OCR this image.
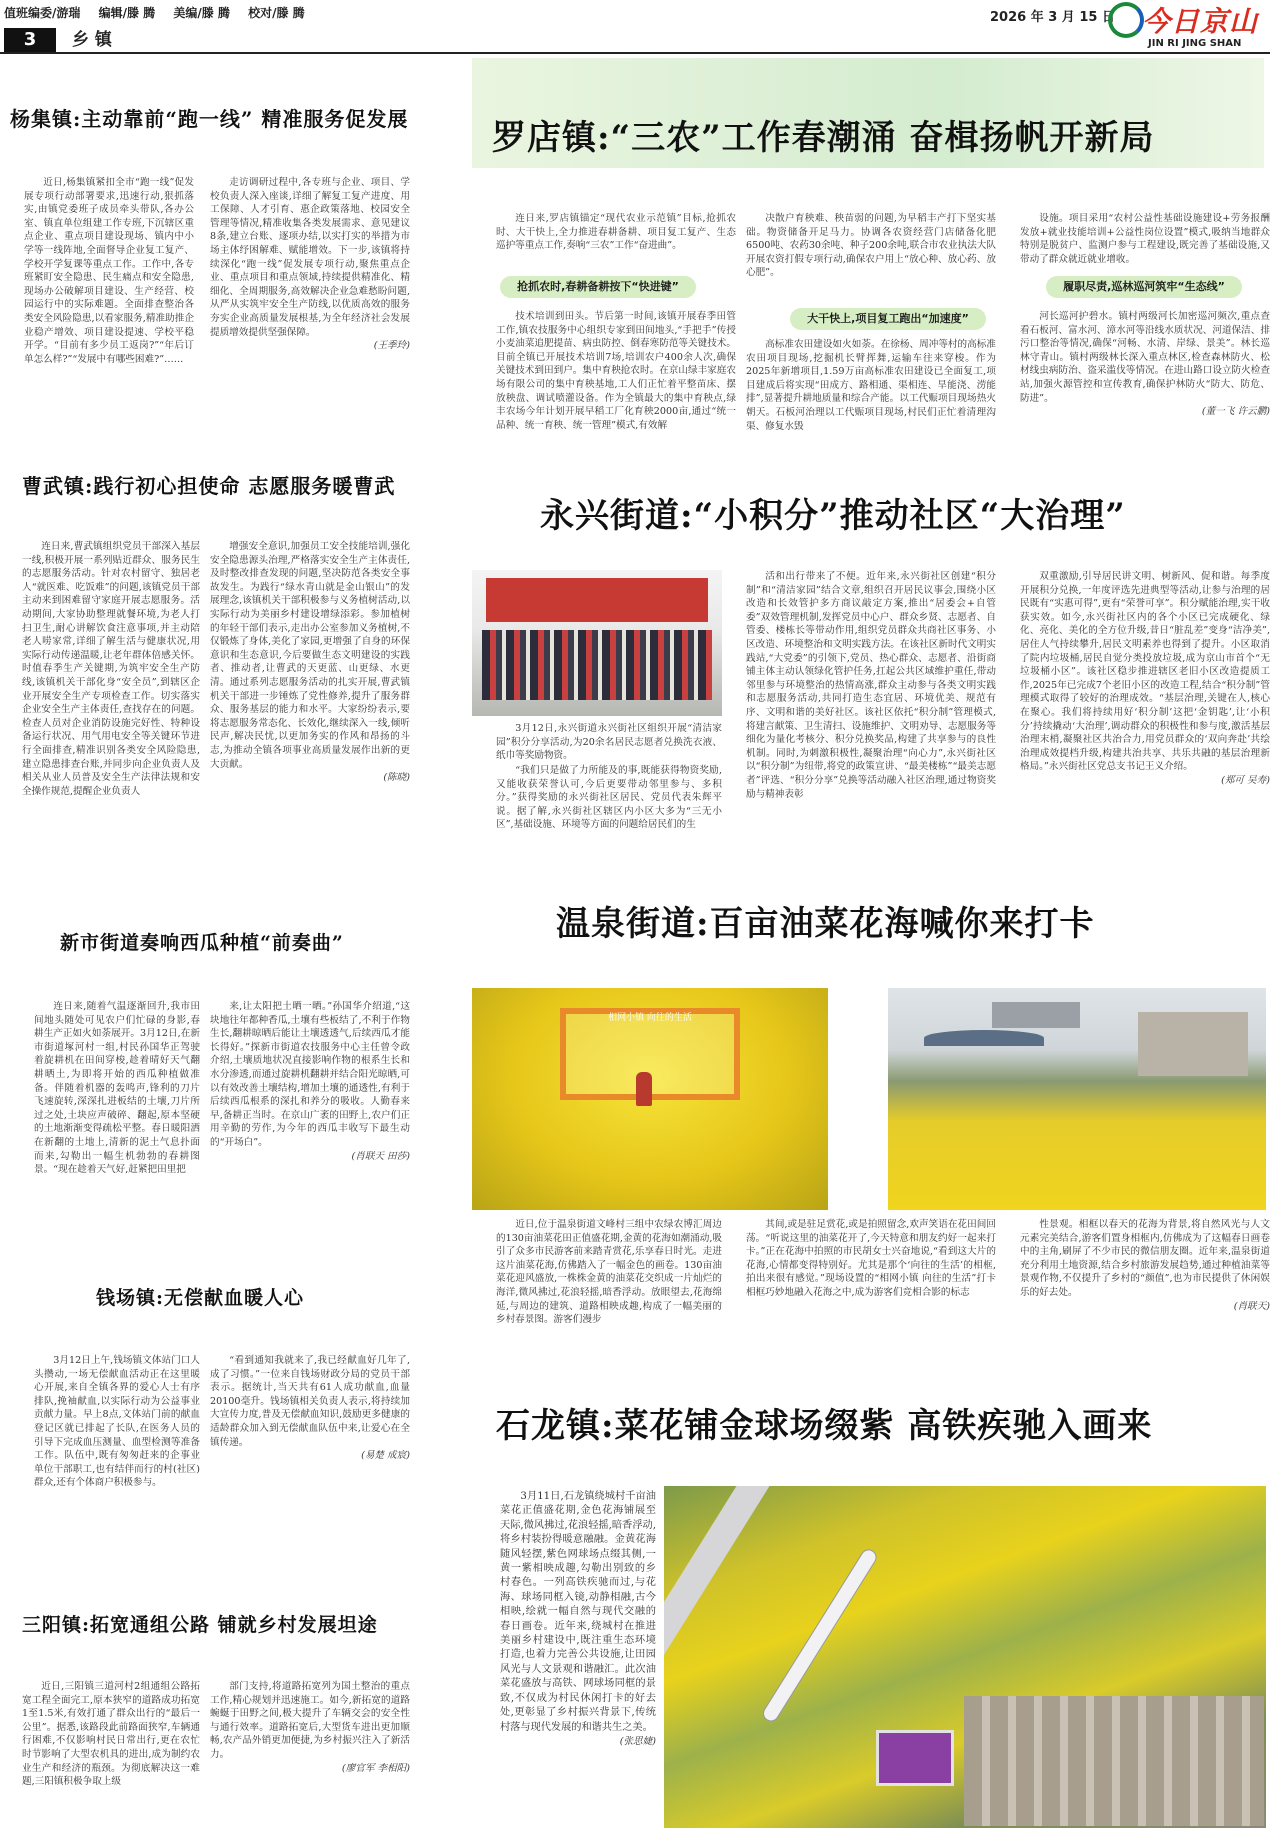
值班编委/游瑞 编辑/滕 腾 美编/滕 腾 校对/滕 腾	2026 年 3 月 15 日 今日京山
JIN RI JING SHAN
3	乡 镇
杨集镇:主动靠前“跑一线” 精准服务促发展

近日,杨集镇紧扣全市“跑一线”促发展专项行动部署要求,迅速行动,狠抓落实,由镇党委班子成员牵头带队,各办公室、镇直单位组建工作专班,下沉辖区重点企业、重点项目建设现场、镇内中小学等一线阵地,全面督导企业复工复产、学校开学复课等重点工作。工作中,各专班紧盯安全隐患、民生痛点和安全隐患,现场办公破解项目建设、生产经营、校园运行中的实际难题。全面排查整治各类安全风险隐患,以看家服务,精准助推企业稳产增效、项目建设提速、学校平稳开学。“目前有多少员工返岗?”“年后订单怎么样?”“发展中有哪些困难?”……

走访调研过程中,各专班与企业、项目、学校负责人深入座谈,详细了解复工复产进度、用工保障、人才引育、惠企政策落地、校园安全管理等情况,精准收集各类发展需求、意见建议8条,建立台账、逐项办结,以实打实的举措为市场主体纾困解难、赋能增效。下一步,该镇将持续深化“跑一线”促发展专项行动,聚焦重点企业、重点项目和重点领域,持续提供精准化、精细化、全周期服务,高效解决企业急难愁盼问题,从严从实筑牢安全生产防线,以优质高效的服务夯实企业高质量发展根基,为全年经济社会发展提质增效提供坚强保障。

(王季玲)
曹武镇:践行初心担使命 志愿服务暖曹武

连日来,曹武镇组织党员干部深入基层一线,积极开展一系列贴近群众、服务民生的志愿服务活动。针对农村留守、独居老人“就医难、吃饭难”的问题,该镇党员干部主动来到困难留守家庭开展志愿服务。活动期间,大家协助整理就餐环境,为老人打扫卫生,耐心讲解饮食注意事项,并主动陪老人唠家常,详细了解生活与健康状况,用实际行动传递温暖,让老年群体倍感关怀。时值春季生产关键期,为筑牢安全生产防线,该镇机关干部化身“安全员”,到辖区企业开展安全生产专项检查工作。切实落实企业安全生产主体责任,查找存在的问题。检查人员对企业消防设施完好性、特种设备运行状况、用气用电安全等关键环节进行全面排查,精准识别各类安全风险隐患,建立隐患排查台账,并同步向企业负责人及相关从业人员普及安全生产法律法规和安全操作规范,提醒企业负责人

增强安全意识,加强员工安全技能培训,强化安全隐患源头治理,严格落实安全生产主体责任,及时整改排查发现的问题,坚决防范各类安全事故发生。为践行“绿水青山就是金山银山”的发展理念,该镇机关干部积极参与义务植树活动,以实际行动为美丽乡村建设增绿添彩。参加植树的年轻干部们表示,走出办公室参加义务植树,不仅锻炼了身体,美化了家园,更增强了自身的环保意识和生态意识,今后要做生态文明建设的实践者、推动者,让曹武的天更蓝、山更绿、水更清。通过系列志愿服务活动的扎实开展,曹武镇机关干部进一步锤炼了党性修养,提升了服务群众、服务基层的能力和水平。大家纷纷表示,要将志愿服务常态化、长效化,继续深入一线,倾听民声,解决民忧,以更加务实的作风和昂扬的斗志,为推动全镇各项事业高质量发展作出新的更大贡献。

(陈晓)
新市街道奏响西瓜种植“前奏曲”

连日来,随着气温逐渐回升,我市田间地头随处可见农户们忙碌的身影,春耕生产正如火如荼展开。3月12日,在新市街道塚河村一组,村民孙国华正驾驶着旋耕机在田间穿梭,趁着晴好天气翻耕晒土,为即将开始的西瓜种植做准备。伴随着机器的轰鸣声,锋利的刀片飞速旋转,深深扎进板结的土壤,刀片所过之处,土块应声破碎、翻起,原本坚硬的土地渐渐变得疏松平整。春日暖阳洒在新翻的土地上,清新的泥土气息扑面而来,勾勒出一幅生机勃勃的春耕图景。“现在趁着天气好,赶紧把田里把

来,让太阳把土晒一晒。”孙国华介绍道,“这块地往年都种香瓜,土壤有些板结了,不利于作物生长,翻耕晾晒后能让土壤透透气,后续西瓜才能长得好。”探新市街道农技服务中心主任曾令政介绍,土壤质地状况直接影响作物的根系生长和水分渗透,而通过旋耕机翻耕并结合阳光晾晒,可以有效改善土壤结构,增加土壤的通透性,有利于后续西瓜根系的深扎和养分的吸收。人勤春来早,备耕正当时。在京山广袤的田野上,农户们正用辛勤的劳作,为今年的西瓜丰收写下最生动的“开场白”。

(肖联天 田莎)
钱场镇:无偿献血暖人心

3月12日上午,钱场镇文体站门口人头攒动,一场无偿献血活动正在这里暖心开展,来自全镇各界的爱心人士有序排队,挽袖献血,以实际行动为公益事业贡献力量。早上8点,文体站门前的献血登记区就已排起了长队,在医务人员的引导下完成血压测量、血型检测等准备工作。队伍中,既有匆匆赶来的企事业单位干部职工,也有结伴而行的村(社区)群众,还有个体商户积极参与。

“看到通知我就来了,我已经献血好几年了,成了习惯。”一位来自钱场财政分局的党员干部表示。据统计,当天共有61人成功献血,血量20100毫升。钱场镇相关负责人表示,将持续加大宣传力度,普及无偿献血知识,鼓励更多健康的适龄群众加入到无偿献血队伍中来,让爱心在全镇传递。

(易楚 成宸)
三阳镇:拓宽通组公路 铺就乡村发展坦途

近日,三阳镇三道河村2组通组公路拓宽工程全面完工,原本狭窄的道路成功拓宽1至1.5米,有效打通了群众出行的“最后一公里”。据悉,该路段此前路面狭窄,车辆通行困难,不仅影响村民日常出行,更在农忙时节影响了大型农机具的进出,成为制约农业生产和经济的瓶颈。为彻底解决这一难题,三阳镇积极争取上级

部门支持,将道路拓宽列为国土整治的重点工作,精心规划并迅速施工。如今,新拓宽的道路蜿蜒于田野之间,极大提升了车辆交会的安全性与通行效率。道路拓宽后,大型货车进出更加顺畅,农产品外销更加便捷,为乡村振兴注入了新活力。

(廖官军 李相阳)
罗店镇:“三农”工作春潮涌 奋楫扬帆开新局

连日来,罗店镇锚定“现代农业示范镇”目标,抢抓农时、大干快上,全力推进春耕备耕、项目复工复产、生态巡护等重点工作,奏响“三农”工作“奋进曲”。

抢抓农时,春耕备耕按下“快进键”

技术培训到田头。节后第一时间,该镇开展春季田管工作,镇农技服务中心组织专家到田间地头,“手把手”传授小麦油菜追肥提苗、病虫防控、倒春寒防范等关键技术。目前全镇已开展技术培训7场,培训农户400余人次,确保关键技术到田到户。集中育秧抢农时。在京山绿丰家庭农场有限公司的集中育秧基地,工人们正忙着平整苗床、摆放秧盘、调试喷灌设备。作为全镇最大的集中育秧点,绿丰农场今年计划开展早稻工厂化育秧2000亩,通过“统一品种、统一育秧、统一管理”模式,有效解

决散户育秧难、秧苗弱的问题,为早稻丰产打下坚实基础。物资储备开足马力。协调各农资经营门店储备化肥6500吨、农药30余吨、种子200余吨,联合市农业执法大队开展农资打假专项行动,确保农户用上“放心种、放心药、放心肥”。

大干快上,项目复工跑出“加速度”

高标准农田建设如火如荼。在徐杨、周冲等村的高标准农田项目现场,挖掘机长臂挥舞,运输车往来穿梭。作为2025年新增项目,1.59万亩高标准农田建设已全面复工,项目建成后将实现“田成方、路相通、渠相连、旱能浇、涝能排”,显著提升耕地质量和综合产能。以工代赈项目现场热火朝天。石板河治理以工代赈项目现场,村民们正忙着清理沟渠、修复水毁

设施。项目采用“农村公益性基础设施建设+劳务报酬发放+就业技能培训+公益性岗位设置”模式,吸纳当地群众特别是脱贫户、监测户参与工程建设,既完善了基础设施,又带动了群众就近就业增收。

履职尽责,巡林巡河筑牢“生态线”

河长巡河护碧水。镇村两级河长加密巡河频次,重点查看石板河、富水河、漳水河等沿线水质状况、河道保洁、排污口整治等情况,确保“河畅、水清、岸绿、景美”。林长巡林守青山。镇村两级林长深入重点林区,检查森林防火、松材线虫病防治、盗采滥伐等情况。在进山路口设立防火检查站,加强火源管控和宣传教育,确保护林防火“防大、防危、防进”。

(董一飞 许云鹏)
永兴街道:“小积分”推动社区“大治理”

3月12日,永兴街道永兴街社区组织开展“清洁家园”积分分享活动,为20余名居民志愿者兑换洗衣液、纸巾等奖励物资。

“我们只是做了力所能及的事,既能获得物资奖励,又能收获荣誉认可,今后更要带动邻里参与、多积分。”获得奖励的永兴街社区居民、党员代表朱辉平说。据了解,永兴街社区辖区内小区大多为“三无小区”,基础设施、环境等方面的问题给居民们的生

活和出行带来了不便。近年来,永兴街社区创建“积分制”和“清洁家园”结合文章,组织召开居民议事会,围绕小区改造和长效管护多方商议敲定方案,推出“居委会+自管委”双效管理机制,发挥党员中心户、群众乡贤、志愿者、自管委、楼栋长等带动作用,组织党员群众共商社区事务、小区改造、环境整治和文明实践方法。在该社区新时代文明实践站,“大党委”的引领下,党员、热心群众、志愿者、沿街商铺主体主动认领绿化管护任务,扛起公共区域维护重任,带动邻里参与环境整治的热情高涨,群众主动参与各类文明实践和志愿服务活动,共同打造生态宜居、环境优美、规范有序、文明和谐的美好社区。该社区依托“积分制”管理模式,将建言献策、卫生清扫、设施维护、文明劝导、志愿服务等细化为量化考核分、积分兑换奖品,构建了共享参与的良性机制。同时,为刺激积极性,凝聚治理“向心力”,永兴街社区以“积分制”为纽带,将党的政策宣讲、“最美楼栋”“最美志愿者”评选、“积分分享”兑换等活动融入社区治理,通过物资奖励与精神表彰

双重激励,引导居民讲文明、树新风、促和谐。每季度开展积分兑换,一年度评选先进典型等活动,让参与治理的居民既有“实惠可得”,更有“荣誉可享”。积分赋能治理,实干收获实效。如今,永兴街社区内的各个小区已完成硬化、绿化、亮化、美化的全方位升级,昔日“脏乱差”变身“洁净美”,居住人气持续攀升,居民文明素养也得到了提升。小区取消了院内垃圾桶,居民自觉分类投放垃圾,成为京山市首个“无垃圾桶小区”。该社区稳步推进辖区老旧小区改造提质工作,2025年已完成7个老旧小区的改造工程,结合“积分制”管理模式取得了较好的治理成效。“基层治理,关键在人,核心在聚心。我们将持续用好‘积分制’这把‘金钥匙’,让‘小积分’持续撬动‘大治理’,调动群众的积极性和参与度,激活基层治理末梢,凝聚社区共治合力,用党员群众的‘双向奔赴’共绘治理成效提档升级,构建共治共享、共乐共融的基层治理新格局。”永兴街社区党总支书记王义介绍。

(郑可 吴寿)
温泉街道:百亩油菜花海喊你来打卡
相网小镇 向往的生活

近日,位于温泉街道文峰村三组中农绿农博汇周边的130亩油菜花田正值盛花期,金黄的花海如潮涌动,吸引了众多市民游客前来踏青赏花,乐享春日时光。走进这片油菜花海,仿佛踏入了一幅金色的画卷。130亩油菜花迎风盛放,一株株金黄的油菜花交织成一片灿烂的海洋,微风拂过,花浪轻摇,暗香浮动。放眼望去,花海绵延,与周边的建筑、道路相映成趣,构成了一幅美丽的乡村春景图。游客们漫步

其间,或是驻足赏花,或是拍照留念,欢声笑语在花田间回荡。“听说这里的油菜花开了,今天特意和朋友约好一起来打卡。”正在花海中拍照的市民胡女士兴奋地说,“看到这大片的花海,心情都变得特别好。尤其是那个‘向往的生活’的相框,拍出来很有感觉。”现场设置的“相网小镇 向往的生活”打卡相框巧妙地融入花海之中,成为游客们竞相合影的标志

性景观。相框以春天的花海为背景,将自然风光与人文元素完美结合,游客们置身相框内,仿佛成为了这幅春日画卷中的主角,刷屏了不少市民的微信朋友圈。近年来,温泉街道充分利用土地资源,结合乡村旅游发展趋势,通过种植油菜等景观作物,不仅提升了乡村的“颜值”,也为市民提供了休闲娱乐的好去处。

(肖联天)
石龙镇:菜花铺金球场缀紫 高铁疾驰入画来

3月11日,石龙镇绕城村千亩油菜花正值盛花期,金色花海铺展至天际,微风拂过,花浪轻摇,暗香浮动,将乡村装扮得暖意融融。金黄花海随风轻摆,紫色网球场点缀其侧,一黄一紫相映成趣,勾勒出别致的乡村春色。一列高铁疾驰而过,与花海、球场同框入镜,动静相融,古今相映,绘就一幅自然与现代交融的春日画卷。近年来,绕城村在推进美丽乡村建设中,既注重生态环境打造,也着力完善公共设施,让田园风光与人文景观和谐融汇。此次油菜花盛放与高铁、网球场同框的景致,不仅成为村民休闲打卡的好去处,更彰显了乡村振兴背景下,传统村落与现代发展的和谐共生之美。

(张思婕)
